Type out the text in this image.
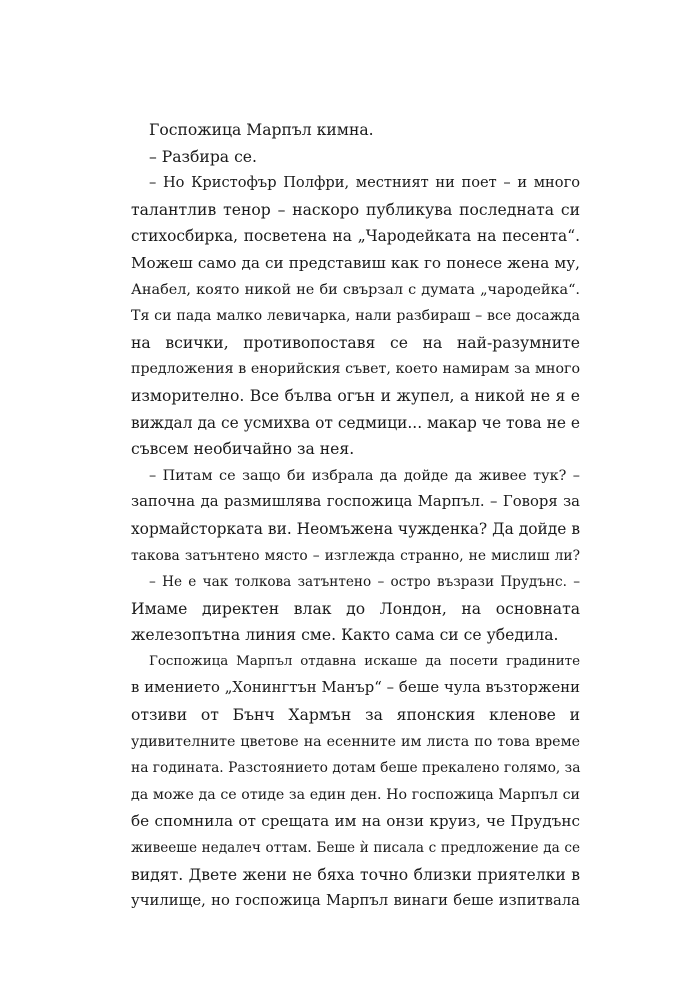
Госпожица Марпъл кимна.
– Разбира се.
– Но Кристофър Полфри, местният ни поет – и много
талантлив тенор – наскоро публикува последната си
стихосбирка, посветена на „Чародейката на песента“.
Можеш само да си представиш как го понесе жена му,
Анабел, която никой не би свързал с думата „чародейка“.
Тя си пада малко левичарка, нали разбираш – все досажда
на всички, противопоставя се на най-разумните
предложения в енорийския съвет, което намирам за много
изморително. Все бълва огън и жупел, а никой не я е
виждал да се усмихва от седмици... макар че това не е
съвсем необичайно за нея.
– Питам се защо би избрала да дойде да живее тук? –
започна да размишлява госпожица Марпъл. – Говоря за
хормайсторката ви. Неомъжена чужденка? Да дойде в
такова затънтено място – изглежда странно, не мислиш ли?
– Не е чак толкова затънтено – остро възрази Прудънс. –
Имаме директен влак до Лондон, на основната
железопътна линия сме. Както сама си се убедила.
Госпожица Марпъл отдавна искаше да посети градините
в имението „Хонингтън Манър“ – беше чула възторжени
отзиви от Бънч Хармън за японския кленове и
удивителните цветове на есенните им листа по това време
на годината. Разстоянието дотам беше прекалено голямо, за
да може да се отиде за един ден. Но госпожица Марпъл си
бе спомнила от срещата им на онзи круиз, че Прудънс
живееше недалеч оттам. Беше ѝ писала с предложение да се
видят. Двете жени не бяха точно близки приятелки в
училище, но госпожица Марпъл винаги беше изпитвала
